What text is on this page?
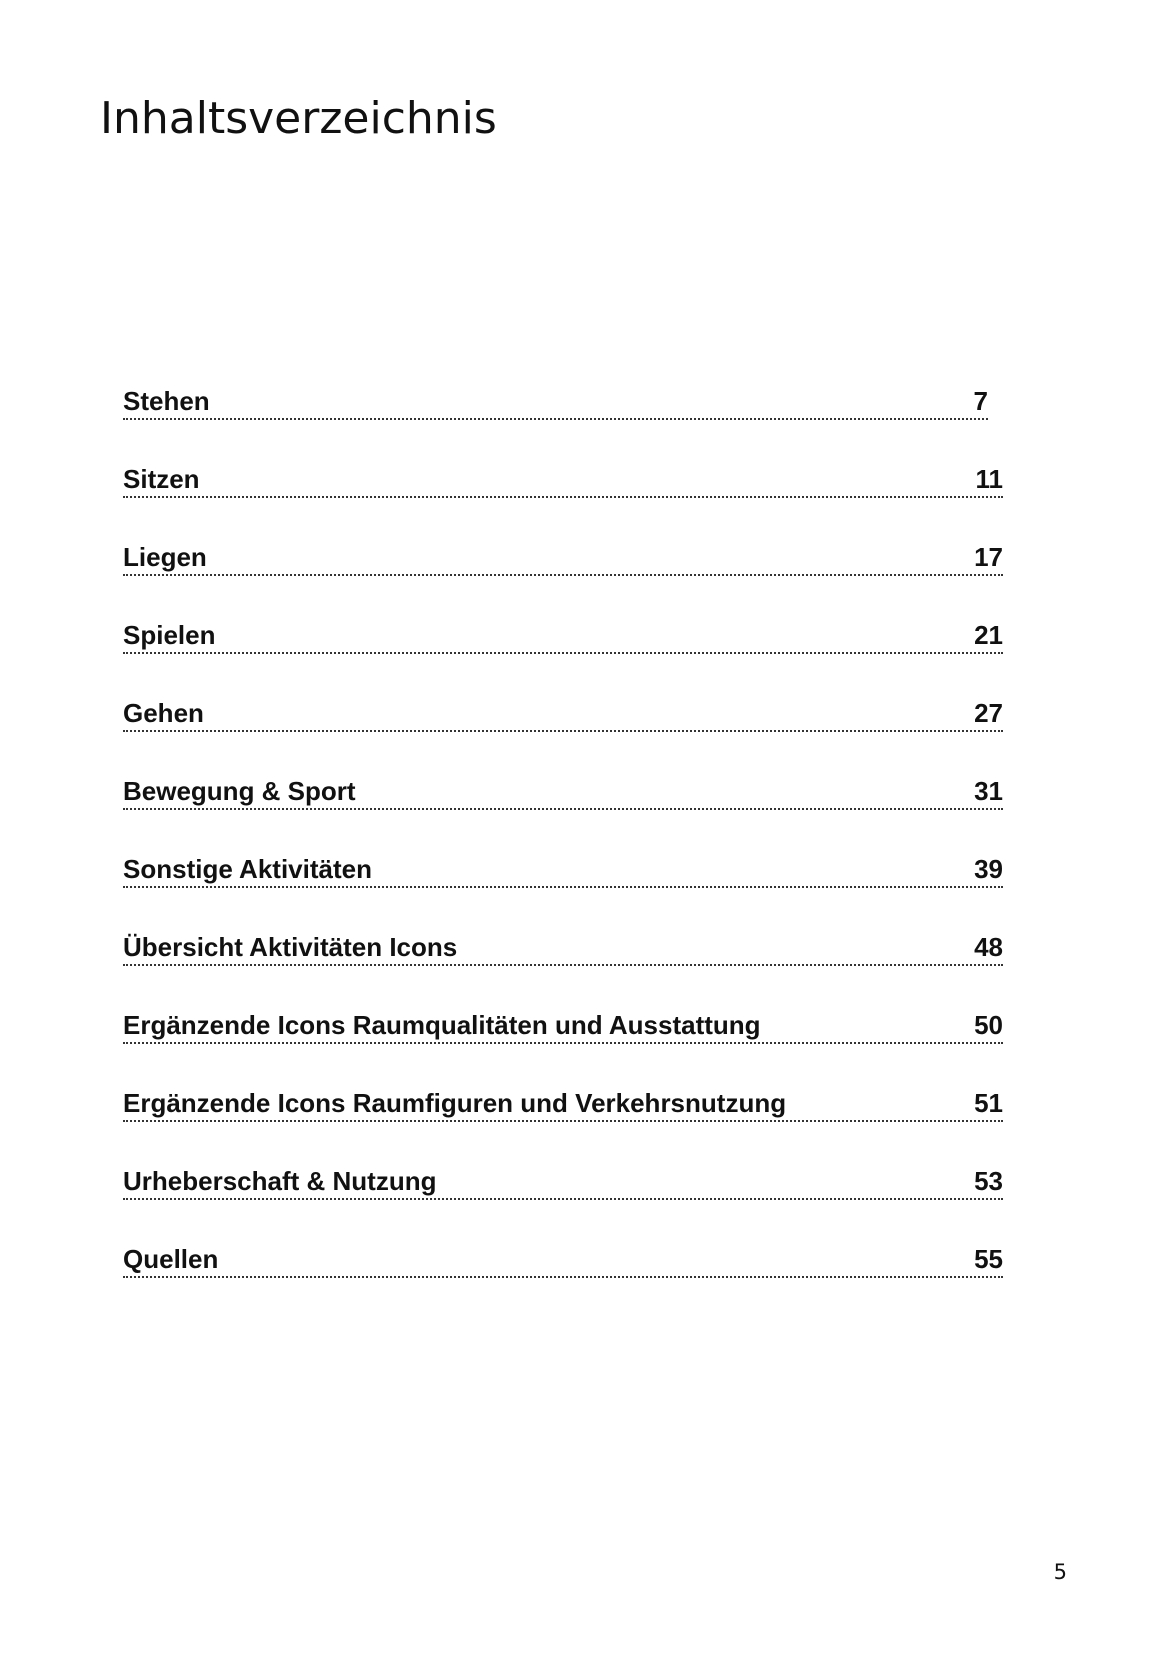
Inhaltsverzeichnis
Stehen	7
Sitzen	11
Liegen	17
Spielen	21
Gehen	27
Bewegung & Sport	31
Sonstige Aktivitäten	39
Übersicht Aktivitäten Icons	48
Ergänzende Icons Raumqualitäten und Ausstattung	50
Ergänzende Icons Raumfiguren und Verkehrsnutzung	51
Urheberschaft & Nutzung	53
Quellen	55
5
